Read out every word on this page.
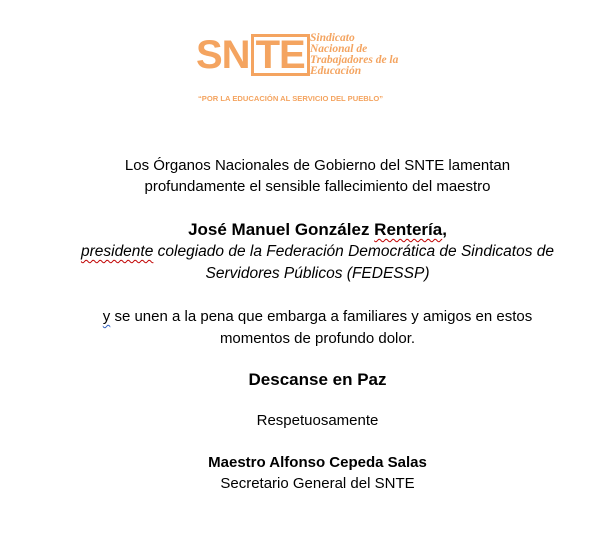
SN TE Sindicato
Nacional de
Trabajadores de la
Educación
“POR LA EDUCACIÓN AL SERVICIO DEL PUEBLO”

Los Órganos Nacionales de Gobierno del SNTE lamentan
profundamente el sensible fallecimiento del maestro

José Manuel González Rentería,

presidente colegiado de la Federación Democrática de Sindicatos de
Servidores Públicos (FEDESSP)

y se unen a la pena que embarga a familiares y amigos en estos
momentos de profundo dolor.

Descanse en Paz

Respetuosamente

Maestro Alfonso Cepeda Salas

Secretario General del SNTE
